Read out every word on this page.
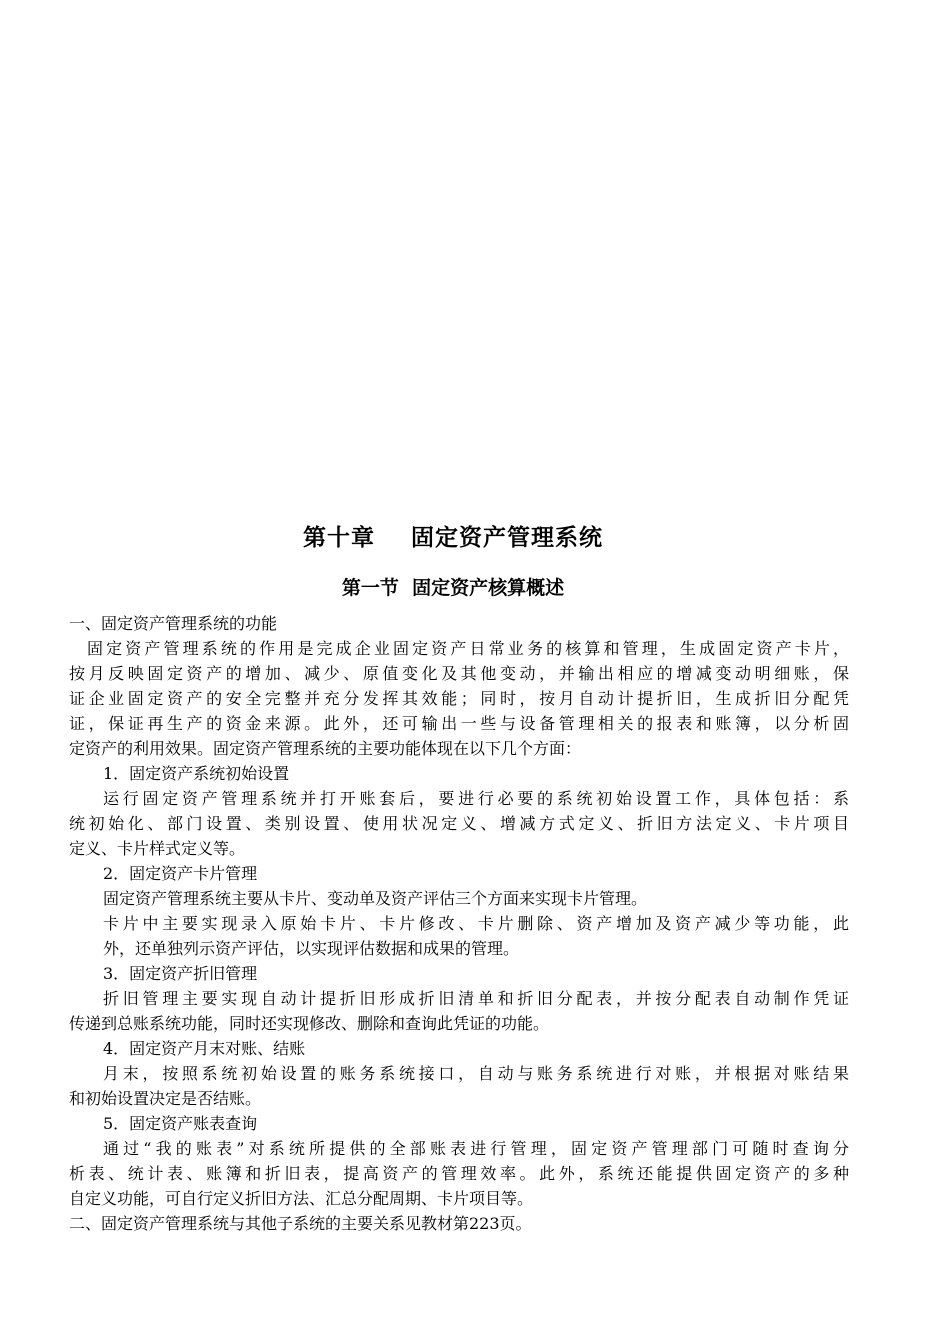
第十章    固定资产管理系统
第一节  固定资产核算概述
一、固定资产管理系统的功能
固定资产管理系统的作用是完成企业固定资产日常业务的核算和管理，生成固定资产卡片，
按月反映固定资产的增加、减少、原值变化及其他变动，并输出相应的增减变动明细账，保
证企业固定资产的安全完整并充分发挥其效能；同时，按月自动计提折旧，生成折旧分配凭
证，保证再生产的资金来源。此外，还可输出一些与设备管理相关的报表和账簿，以分析固
定资产的利用效果。固定资产管理系统的主要功能体现在以下几个方面：
1．固定资产系统初始设置
运行固定资产管理系统并打开账套后，要进行必要的系统初始设置工作，具体包括：系
统初始化、部门设置、类别设置、使用状况定义、增减方式定义、折旧方法定义、卡片项目
定义、卡片样式定义等。
2．固定资产卡片管理
固定资产管理系统主要从卡片、变动单及资产评估三个方面来实现卡片管理。
卡片中主要实现录入原始卡片、卡片修改、卡片删除、资产增加及资产减少等功能，此
外，还单独列示资产评估，以实现评估数据和成果的管理。
3．固定资产折旧管理
折旧管理主要实现自动计提折旧形成折旧清单和折旧分配表，并按分配表自动制作凭证
传递到总账系统功能，同时还实现修改、删除和查询此凭证的功能。
4．固定资产月末对账、结账
月末，按照系统初始设置的账务系统接口，自动与账务系统进行对账，并根据对账结果
和初始设置决定是否结账。
5．固定资产账表查询
通过“我的账表”对系统所提供的全部账表进行管理，固定资产管理部门可随时查询分
析表、统计表、账簿和折旧表，提高资产的管理效率。此外，系统还能提供固定资产的多种
自定义功能，可自行定义折旧方法、汇总分配周期、卡片项目等。
二、固定资产管理系统与其他子系统的主要关系见教材第223页。
